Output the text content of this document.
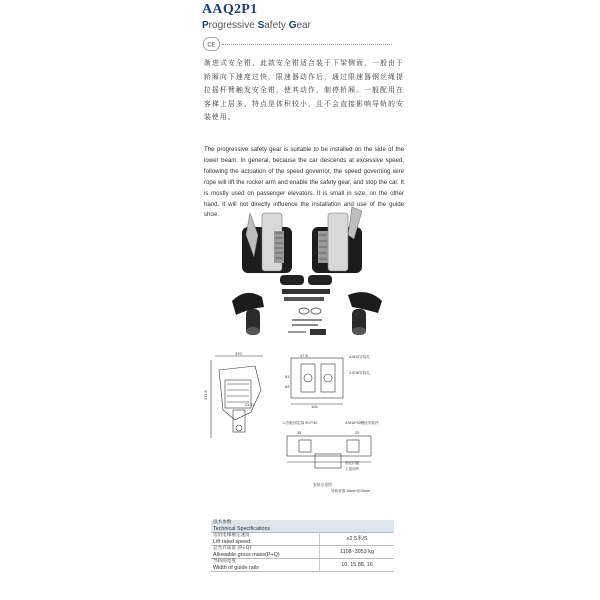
AAQ2P1
Progressive Safety Gear
CE
渐进式安全钳，此款安全钳适合装于下梁侧面，一般由于轿厢向下速度过快，限速器动作后，通过限速器钢丝绳提拉摇杆臂触发安全钳，使其动作，制停轿厢。一般配用在客梯上居多，特点是体积较小，且不会直接影响导轨的安装使用。
The progressive safety gear is suitable to be installed on the side of the lower beam. In general, because the car descends at excessive speed, following the actuation of the speed governor, the speed governing wire rope will lift the rocker arm and enable the safety gear, and stop the car. It is mostly used on passenger elevators. It is small in size, on the other hand, it will not directly influence the installation and use of the guide shoe.
370
311.5
23.51
47.5
81
63
104
4-M10安装孔
2-Φ18安装孔
2-挡轮固定轴 Φ17*40	4-M16*30螺栓安装件
固定挡板
上梁部件
安装示意图
导轨宽度 16mm至10mm
35	20
技术参数
Technical Specifications	

适用电梯额定速度
Lift rated speed	≤2.5米/S

总允许质量 (P+Q)
Allowable gross mass(P+Q)	1108~3953 kg

导轨面宽度
Width of guide rails	10, 15.88, 16
